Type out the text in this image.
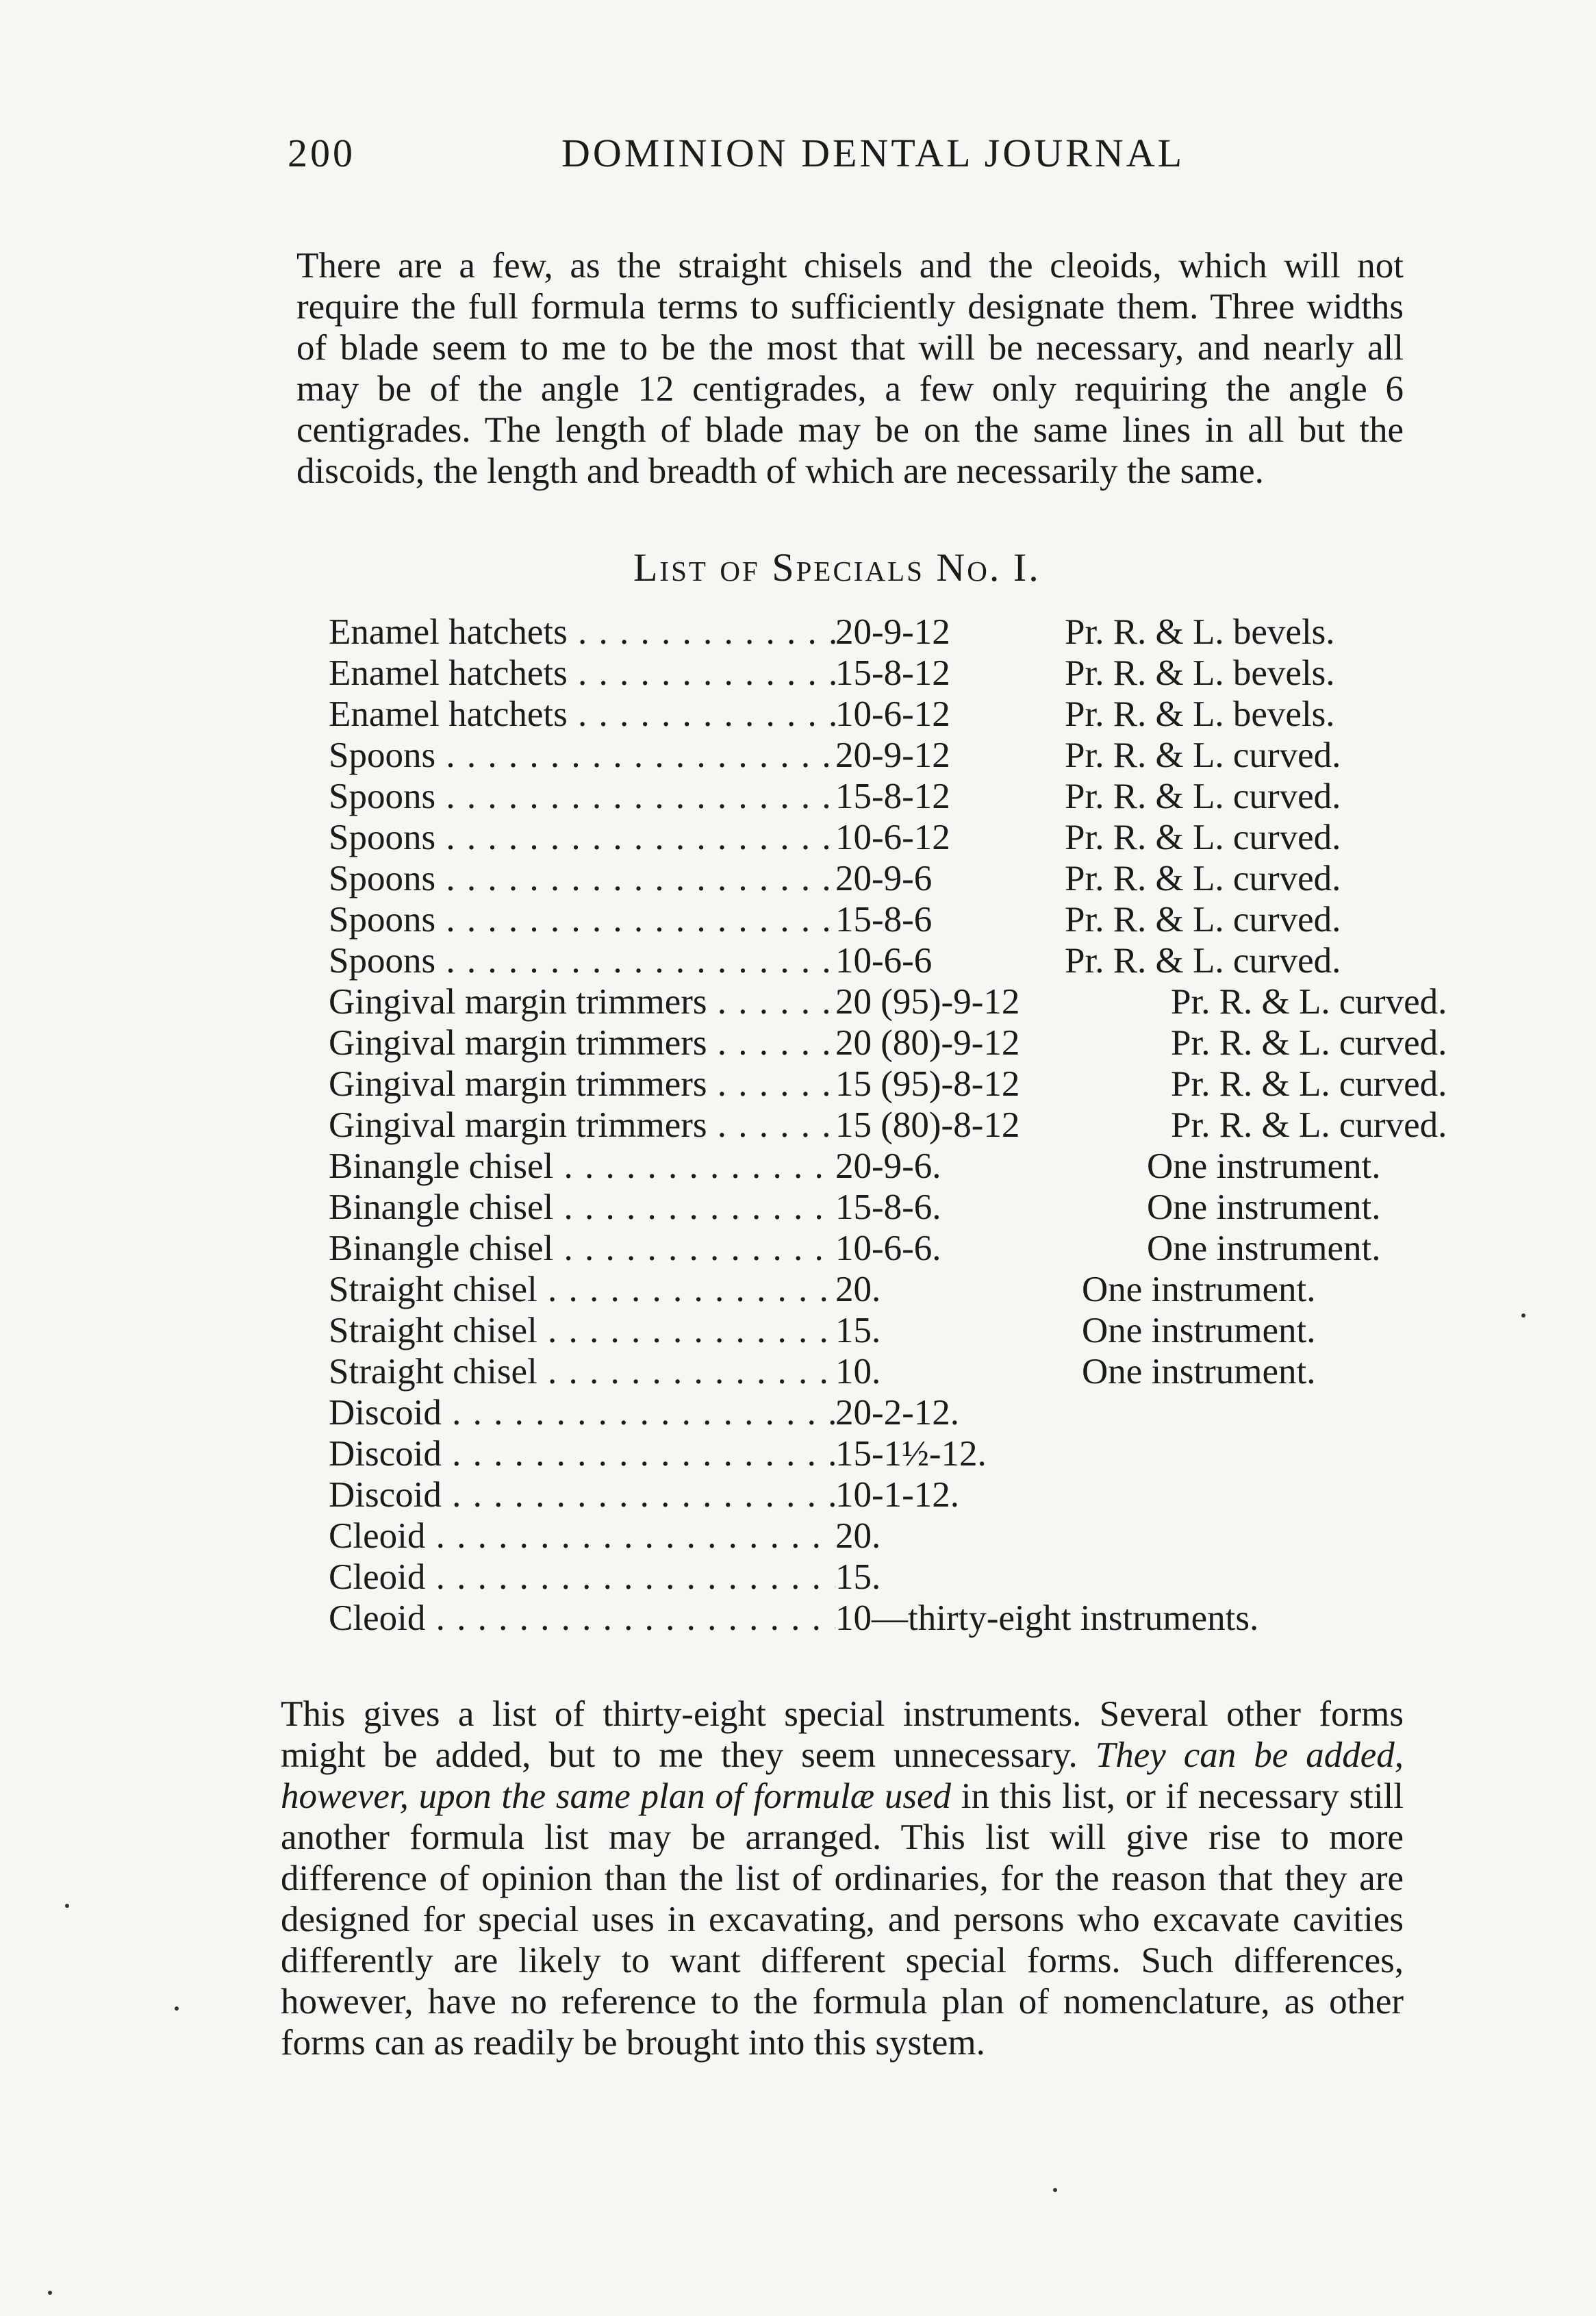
200	DOMINION DENTAL JOURNAL

There are a few, as the straight chisels and the cleoids, which will not require the full formula terms to sufficiently designate them. Three widths of blade seem to me to be the most that will be necessary, and nearly all may be of the angle 12 centigrades, a few only requiring the angle 6 centigrades. The length of blade may be on the same lines in all but the discoids, the length and breadth of which are necessarily the same.

List of Specials No. I.
Enamel hatchets . . .	20-9-12	Pr. R. & L. bevels.
Enamel hatchets . . .	15-8-12	Pr. R. & L. bevels.
Enamel hatchets . . .	10-6-12	Pr. R. & L. bevels.
Spoons . . .	20-9-12	Pr. R. & L. curved.
Spoons . . .	15-8-12	Pr. R. & L. curved.
Spoons . . .	10-6-12	Pr. R. & L. curved.
Spoons . . .	20-9-6	Pr. R. & L. curved.
Spoons . . .	15-8-6	Pr. R. & L. curved.
Spoons . . .	10-6-6	Pr. R. & L. curved.
Gingival margin trimmers . . .	20 (95)-9-12	Pr. R. & L. curved.
Gingival margin trimmers . . .	20 (80)-9-12	Pr. R. & L. curved.
Gingival margin trimmers . . .	15 (95)-8-12	Pr. R. & L. curved.
Gingival margin trimmers . . .	15 (80)-8-12	Pr. R. & L. curved.
Binangle chisel . . .	20-9-6.	One instrument.
Binangle chisel . . .	15-8-6.	One instrument.
Binangle chisel . . .	10-6-6.	One instrument.
Straight chisel . . .	20.	One instrument.
Straight chisel . . .	15.	One instrument.
Straight chisel . . .	10.	One instrument.
Discoid . . .	20-2-12.
Discoid . . .	15-1½-12.
Discoid . . .	10-1-12.
Cleoid . . .	20.
Cleoid . . .	15.
Cleoid . . .	10—thirty-eight instruments.

This gives a list of thirty-eight special instruments. Several other forms might be added, but to me they seem unnecessary. They can be added, however, upon the same plan of formulæ used in this list, or if necessary still another formula list may be arranged. This list will give rise to more difference of opinion than the list of ordinaries, for the reason that they are designed for special uses in excavating, and persons who excavate cavities differently are likely to want different special forms. Such differences, however, have no reference to the formula plan of nomenclature, as other forms can as readily be brought into this system.
